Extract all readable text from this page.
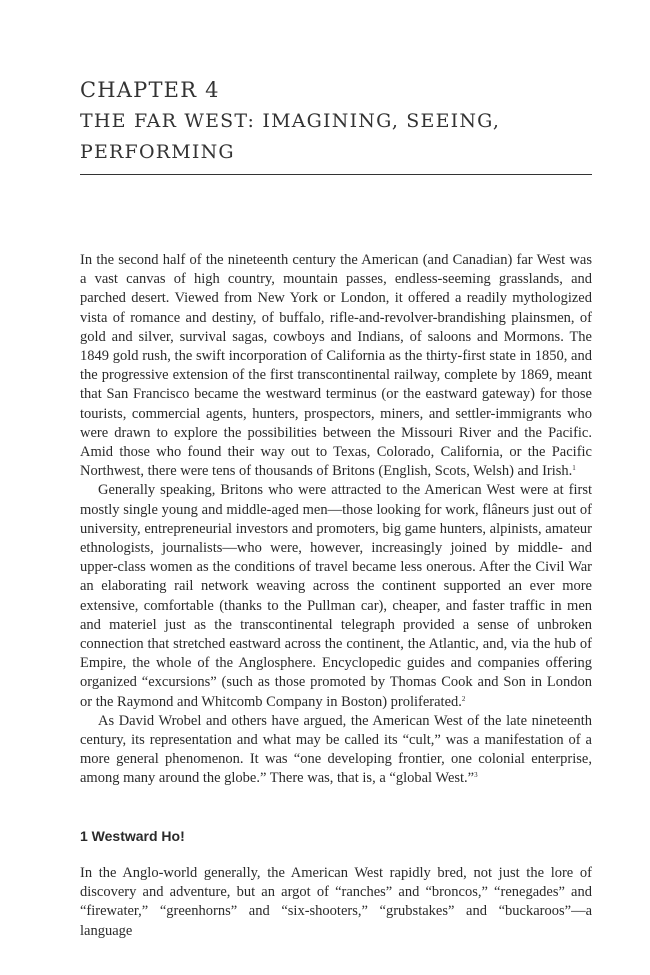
CHAPTER 4
THE FAR WEST: IMAGINING, SEEING,
PERFORMING

In the second half of the nineteenth century the American (and Canadian) far West was a vast canvas of high country, mountain passes, endless-seeming grasslands, and parched desert. Viewed from New York or London, it offered a readily mythologized vista of romance and destiny, of buffalo, rifle-and-revolver-brandishing plainsmen, of gold and silver, survival sagas, cowboys and Indians, of saloons and Mormons. The 1849 gold rush, the swift incorporation of California as the thirty-first state in 1850, and the progressive extension of the first transcontinental railway, complete by 1869, meant that San Francisco became the westward terminus (or the eastward gateway) for those tourists, commercial agents, hunters, prospectors, miners, and settler-immigrants who were drawn to explore the possibilities between the Missouri River and the Pacific. Amid those who found their way out to Texas, Colorado, California, or the Pacific Northwest, there were tens of thousands of Britons (English, Scots, Welsh) and Irish.$^1$

Generally speaking, Britons who were attracted to the American West were at first mostly single young and middle-aged men—those looking for work, flâneurs just out of university, entrepreneurial investors and promoters, big game hunters, alpinists, amateur ethnologists, journalists—who were, however, increasingly joined by middle- and upper-class women as the conditions of travel became less onerous. After the Civil War an elaborating rail network weaving across the continent supported an ever more extensive, comfortable (thanks to the Pullman car), cheaper, and faster traffic in men and materiel just as the transcontinental telegraph provided a sense of unbroken connection that stretched eastward across the continent, the Atlantic, and, via the hub of Empire, the whole of the Anglosphere. Encyclopedic guides and companies offering organized “excursions” (such as those promoted by Thomas Cook and Son in London or the Raymond and Whitcomb Company in Boston) proliferated.$^2$

As David Wrobel and others have argued, the American West of the late nineteenth century, its representation and what may be called its “cult,” was a manifestation of a more general phenomenon. It was “one developing frontier, one colonial enterprise, among many around the globe.” There was, that is, a “global West.”$^3$

1 Westward Ho!

In the Anglo-world generally, the American West rapidly bred, not just the lore of discovery and adventure, but an argot of “ranches” and “broncos,” “renegades” and “firewater,” “greenhorns” and “six-shooters,” “grubstakes” and “buckaroos”—a language
